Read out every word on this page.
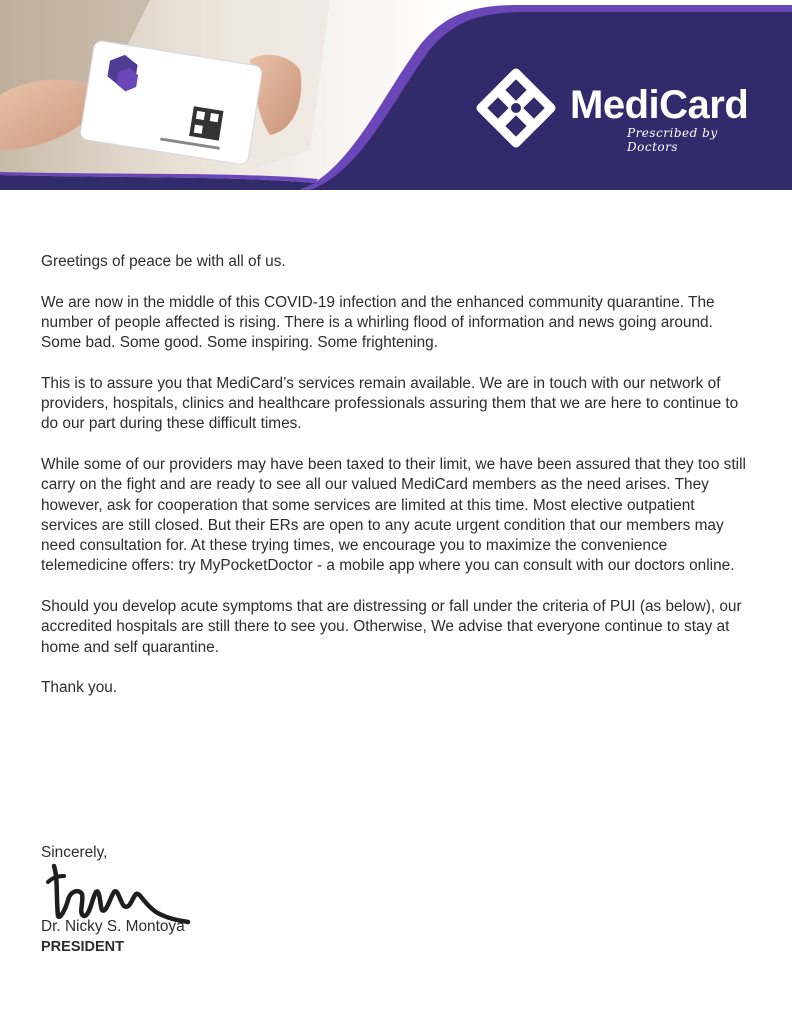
MediCard
Prescribed by Doctors

Greetings of peace be with all of us.

We are now in the middle of this COVID-19 infection and the enhanced community quarantine. The number of people affected is rising. There is a whirling flood of information and news going around. Some bad. Some good. Some inspiring. Some frightening.

This is to assure you that MediCard’s services remain available. We are in touch with our network of providers, hospitals, clinics and healthcare professionals assuring them that we are here to continue to do our part during these difficult times.

While some of our providers may have been taxed to their limit, we have been assured that they too still carry on the fight and are ready to see all our valued MediCard members as the need arises. They however, ask for cooperation that some services are limited at this time. Most elective outpatient services are still closed. But their ERs are open to any acute urgent condition that our members may need consultation for. At these trying times, we encourage you to maximize the convenience telemedicine offers: try MyPocketDoctor - a mobile app where you can consult with our doctors online.

Should you develop acute symptoms that are distressing or fall under the criteria of PUI (as below), our accredited hospitals are still there to see you. Otherwise, We advise that everyone continue to stay at home and self quarantine.

Thank you.

Sincerely,
Dr. Nicky S. Montoya
PRESIDENT
